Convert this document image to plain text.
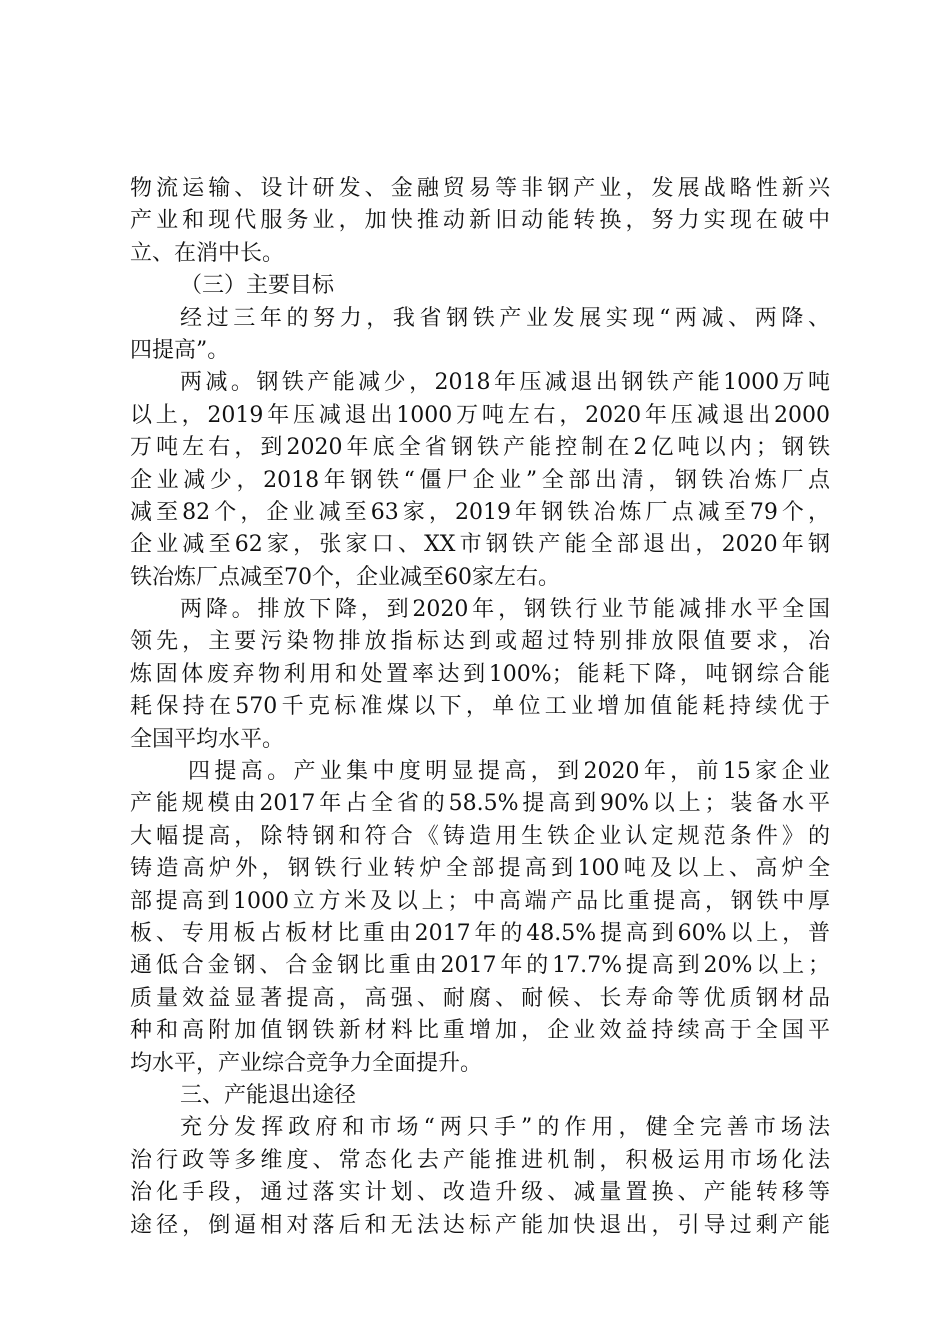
物流运输、设计研发、金融贸易等非钢产业，发展战略性新兴
产业和现代服务业，加快推动新旧动能转换，努力实现在破中
立、在消中长。
（三）主要目标
经过三年的努力，我省钢铁产业发展实现“两减、两降、
四提高”。
两减。钢铁产能减少，2018年压减退出钢铁产能1000万吨
以上，2019年压减退出1000万吨左右，2020年压减退出2000
万吨左右，到2020年底全省钢铁产能控制在2亿吨以内；钢铁
企业减少，2018年钢铁“僵尸企业”全部出清，钢铁冶炼厂点
减至82个，企业减至63家，2019年钢铁冶炼厂点减至79个，
企业减至62家，张家口、XX市钢铁产能全部退出，2020年钢
铁冶炼厂点减至70个，企业减至60家左右。
两降。排放下降，到2020年，钢铁行业节能减排水平全国
领先，主要污染物排放指标达到或超过特别排放限值要求，冶
炼固体废弃物利用和处置率达到100%；能耗下降，吨钢综合能
耗保持在570千克标准煤以下，单位工业增加值能耗持续优于
全国平均水平。
四提高。产业集中度明显提高，到2020年，前15家企业
产能规模由2017年占全省的58.5%提高到90%以上；装备水平
大幅提高，除特钢和符合《铸造用生铁企业认定规范条件》的
铸造高炉外，钢铁行业转炉全部提高到100吨及以上、高炉全
部提高到1000立方米及以上；中高端产品比重提高，钢铁中厚
板、专用板占板材比重由2017年的48.5%提高到60%以上，普
通低合金钢、合金钢比重由2017年的17.7%提高到20%以上；
质量效益显著提高，高强、耐腐、耐候、长寿命等优质钢材品
种和高附加值钢铁新材料比重增加，企业效益持续高于全国平
均水平，产业综合竞争力全面提升。
三、产能退出途径
充分发挥政府和市场“两只手”的作用，健全完善市场法
治行政等多维度、常态化去产能推进机制，积极运用市场化法
治化手段，通过落实计划、改造升级、减量置换、产能转移等
途径，倒逼相对落后和无法达标产能加快退出，引导过剩产能
